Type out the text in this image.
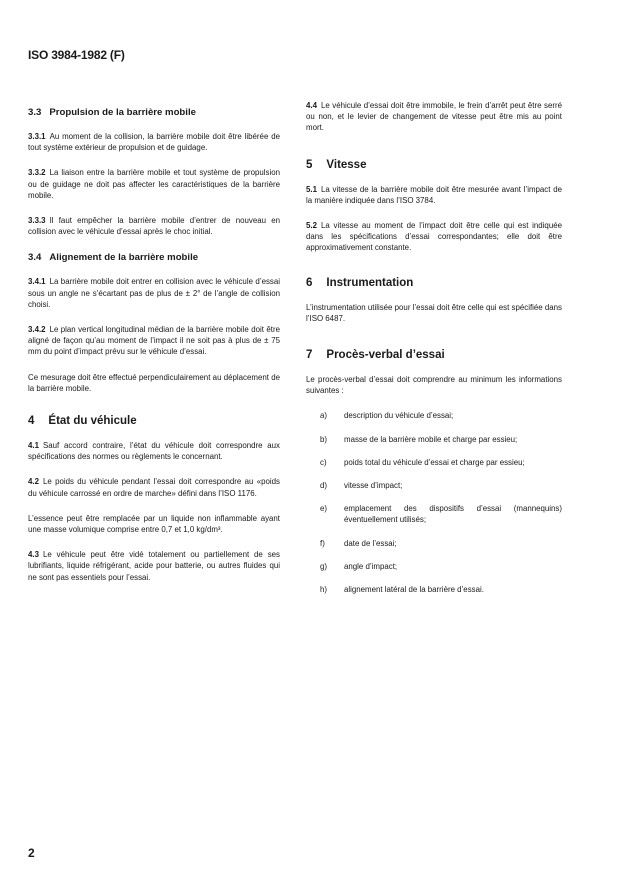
ISO 3984-1982 (F)
3.3 Propulsion de la barrière mobile

3.3.1 Au moment de la collision, la barrière mobile doit être libérée de tout système extérieur de propulsion et de guidage.

3.3.2 La liaison entre la barrière mobile et tout système de propulsion ou de guidage ne doit pas affecter les caractéristiques de la barrière mobile.

3.3.3 Il faut empêcher la barrière mobile d’entrer de nouveau en collision avec le véhicule d’essai après le choc initial.

3.4 Alignement de la barrière mobile

3.4.1 La barrière mobile doit entrer en collision avec le véhicule d’essai sous un angle ne s’écartant pas de plus de ± 2° de l’angle de collision choisi.

3.4.2 Le plan vertical longitudinal médian de la barrière mobile doit être aligné de façon qu’au moment de l’impact il ne soit pas à plus de ± 75 mm du point d’impact prévu sur le véhicule d’essai.

Ce mesurage doit être effectué perpendiculairement au déplacement de la barrière mobile.

4 État du véhicule

4.1 Sauf accord contraire, l’état du véhicule doit correspondre aux spécifications des normes ou règlements le concernant.

4.2 Le poids du véhicule pendant l’essai doit correspondre au «poids du véhicule carrossé en ordre de marche» défini dans l’ISO 1176.

L’essence peut être remplacée par un liquide non inflammable ayant une masse volumique comprise entre 0,7 et 1,0 kg/dm³.

4.3 Le véhicule peut être vidé totalement ou partiellement de ses lubrifiants, liquide réfrigérant, acide pour batterie, ou autres fluides qui ne sont pas essentiels pour l’essai.

4.4 Le véhicule d’essai doit être immobile, le frein d’arrêt peut être serré ou non, et le levier de changement de vitesse peut être mis au point mort.

5 Vitesse

5.1 La vitesse de la barrière mobile doit être mesurée avant l’impact de la manière indiquée dans l’ISO 3784.

5.2 La vitesse au moment de l’impact doit être celle qui est indiquée dans les spécifications d’essai correspondantes; elle doit être approximativement constante.

6 Instrumentation

L’instrumentation utilisée pour l’essai doit être celle qui est spécifiée dans l’ISO 6487.

7 Procès-verbal d’essai

Le procès-verbal d’essai doit comprendre au minimum les informations suivantes :

a)	description du véhicule d’essai;
b)	masse de la barrière mobile et charge par essieu;
c)	poids total du véhicule d’essai et charge par essieu;
d)	vitesse d’impact;
e)	emplacement des dispositifs d’essai (mannequins) éventuellement utilisés;
f)	date de l’essai;
g)	angle d’impact;
h)	alignement latéral de la barrière d’essai.
2
